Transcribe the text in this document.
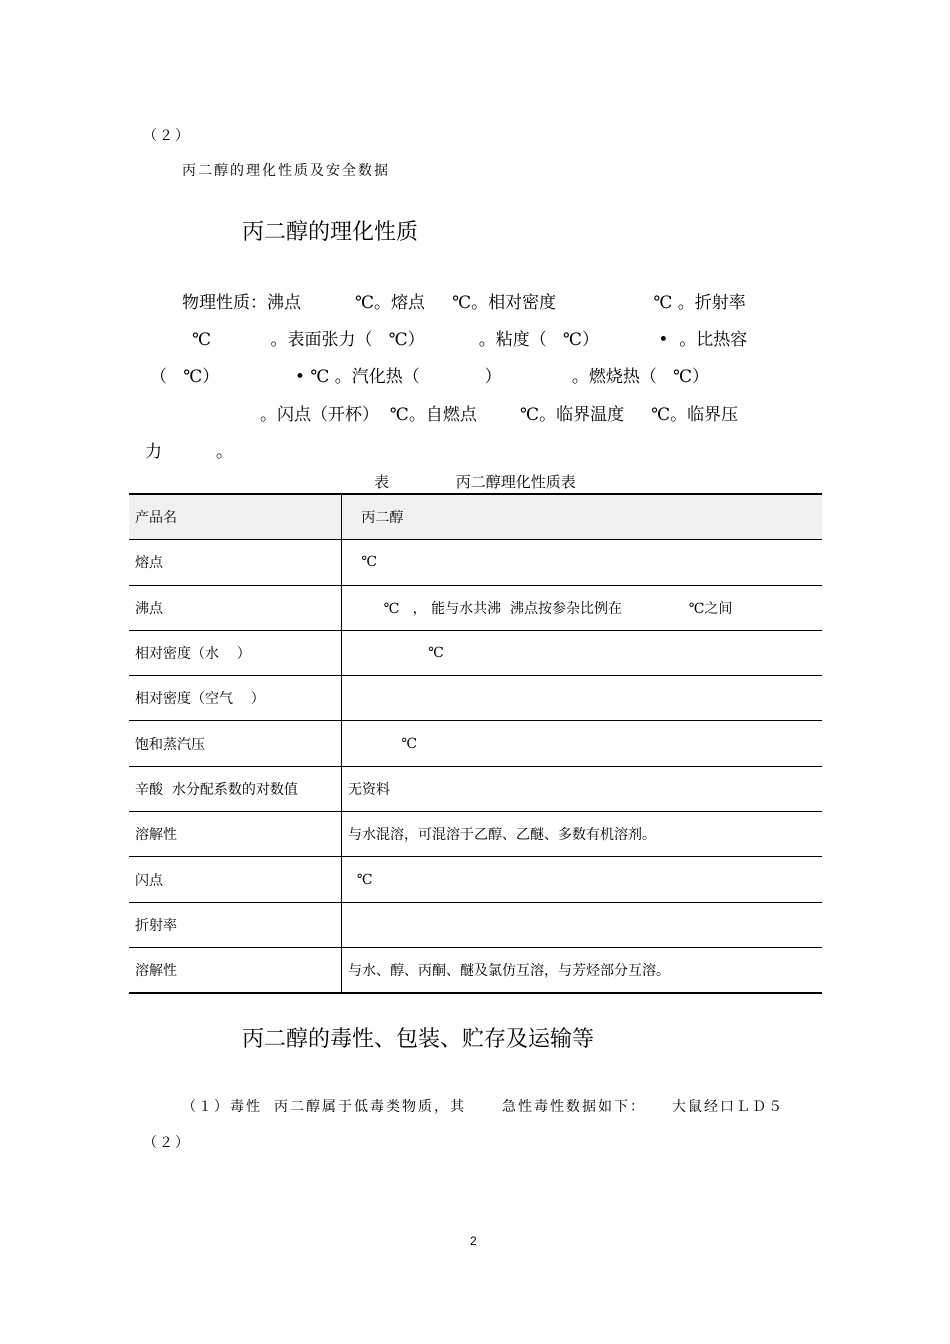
（２）
丙二醇的理化性质及安全数据
丙二醇的理化性质
物理性质：沸点          ℃。熔点     ℃。相对密度                  ℃ 。折射率
℃           。表面张力（   ℃）          。粘度（   ℃）           •  。比热容
（   ℃）              • ℃ 。汽化热（            ）             。燃烧热（   ℃）
。闪点（开杯）  ℃。自燃点        ℃。临界温度     ℃。临界压
力          。
表              丙二醇理化性质表
产品名	丙二醇
熔点	℃
沸点	℃   ， 能与水共沸  沸点按参杂比例在               ℃之间
相对密度（水    ）	℃
相对密度（空气    ）	
饱和蒸汽压	℃
辛酸  水分配系数的对数值	无资料
溶解性	与水混溶，可混溶于乙醇、乙醚、多数有机溶剂。
闪点	℃
折射率	
溶解性	与水、醇、丙酮、醚及氯仿互溶，与芳烃部分互溶。
丙二醇的毒性、包装、贮存及运输等
（１）毒性 丙二醇属于低毒类物质，其	急性毒性数据如下： 大鼠经口ＬＤ５
（２）
2
